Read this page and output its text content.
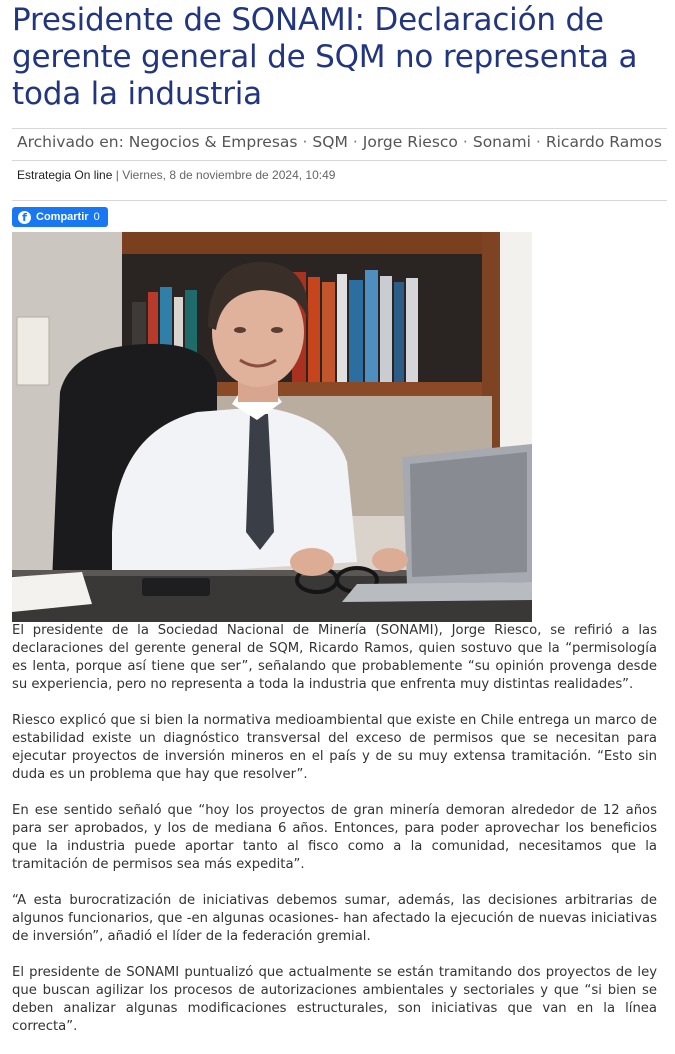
Presidente de SONAMI: Declaración de gerente general de SQM no representa a toda la industria
Archivado en: Negocios & Empresas · SQM · Jorge Riesco · Sonami · Ricardo Ramos
Estrategia On line | Viernes, 8 de noviembre de 2024, 10:49
f Compartir 0

El presidente de la Sociedad Nacional de Minería (SONAMI), Jorge Riesco, se refirió a las declaraciones del gerente general de SQM, Ricardo Ramos, quien sostuvo que la “permisología es lenta, porque así tiene que ser”, señalando que probablemente “su opinión provenga desde su experiencia, pero no representa a toda la industria que enfrenta muy distintas realidades”.

Riesco explicó que si bien la normativa medioambiental que existe en Chile entrega un marco de estabilidad existe un diagnóstico transversal del exceso de permisos que se necesitan para ejecutar proyectos de inversión mineros en el país y de su muy extensa tramitación. “Esto sin duda es un problema que hay que resolver”.

En ese sentido señaló que “hoy los proyectos de gran minería demoran alrededor de 12 años para ser aprobados, y los de mediana 6 años. Entonces, para poder aprovechar los beneficios que la industria puede aportar tanto al fisco como a la comunidad, necesitamos que la tramitación de permisos sea más expedita”.

“A esta burocratización de iniciativas debemos sumar, además, las decisiones arbitrarias de algunos funcionarios, que -en algunas ocasiones- han afectado la ejecución de nuevas iniciativas de inversión”, añadió el líder de la federación gremial.

El presidente de SONAMI puntualizó que actualmente se están tramitando dos proyectos de ley que buscan agilizar los procesos de autorizaciones ambientales y sectoriales y que “si bien se deben analizar algunas modificaciones estructurales, son iniciativas que van en la línea correcta”.
